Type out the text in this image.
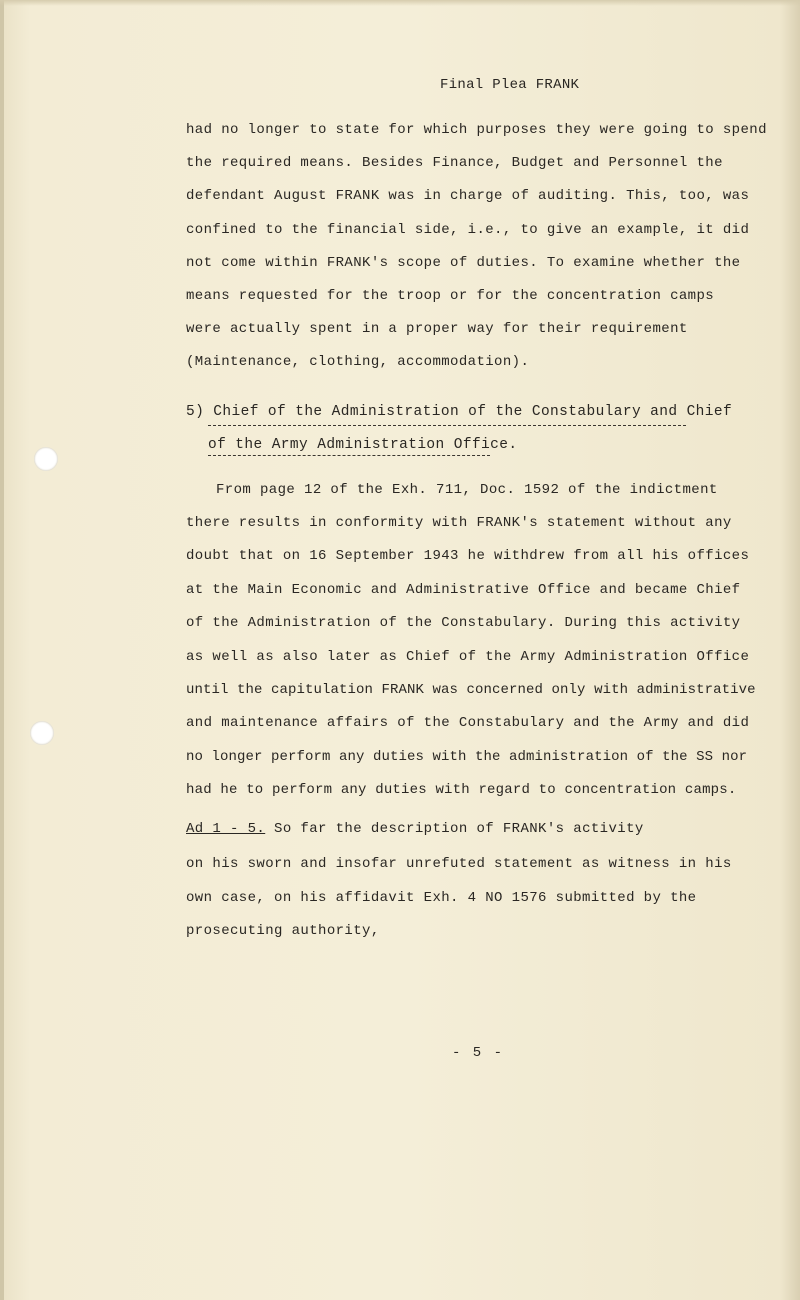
Final Plea FRANK
had no longer to state for which purposes they were going to spend
the required means. Besides Finance, Budget and Personnel the
defendant August FRANK was in charge of auditing. This, too, was
confined to the financial side, i.e., to give an example, it did
not come within FRANK's scope of duties. To examine whether the
means requested for the troop or for the concentration camps
were actually spent in a proper way for their requirement
(Maintenance, clothing, accommodation).
5) Chief of the Administration of the Constabulary and Chief
of the Army Administration Office.
From page 12 of the Exh. 711, Doc. 1592 of the indictment
there results in conformity with FRANK's statement without any
doubt that on 16 September 1943 he withdrew from all his offices
at the Main Economic and Administrative Office and became Chief
of the Administration of the Constabulary. During this activity
as well as also later as Chief of the Army Administration Office
until the capitulation FRANK was concerned only with administrative
and maintenance affairs of the Constabulary and the Army and did
no longer perform any duties with the administration of the SS nor
had he to perform any duties with regard to concentration camps.
Ad 1 - 5. So far the description of FRANK's activity
on his sworn and insofar unrefuted statement as witness in his
own case, on his affidavit Exh. 4 NO 1576 submitted by the
prosecuting authority,
- 5 -
